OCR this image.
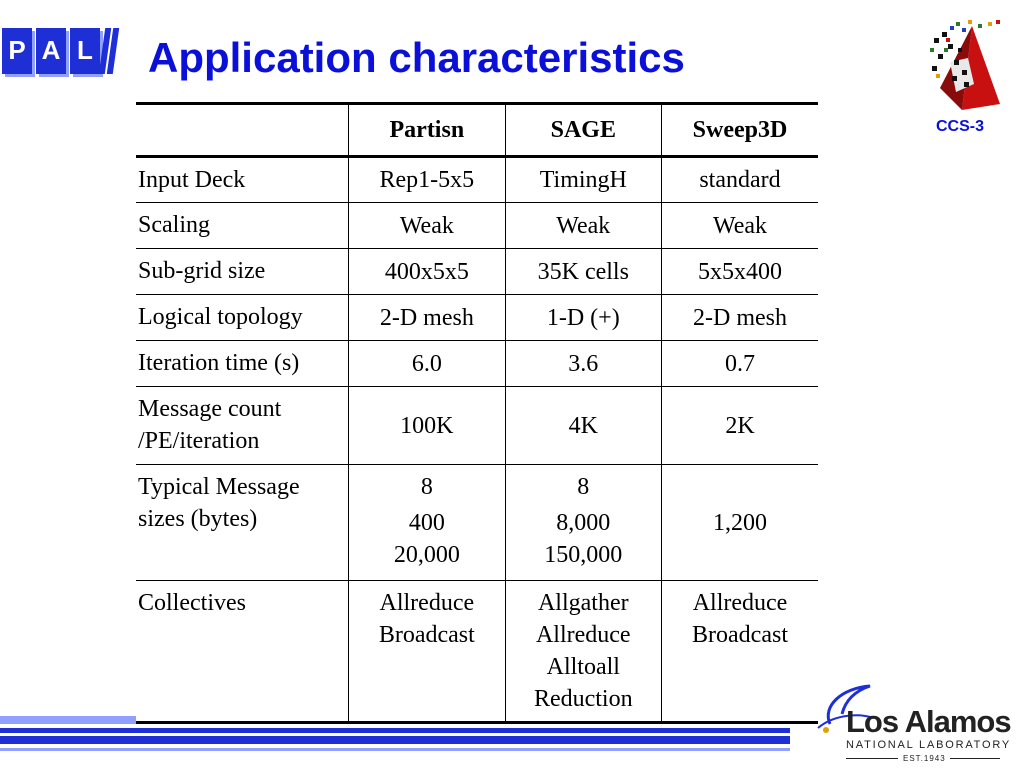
P A L Application characteristics
CCS-3
	Partisn	SAGE	Sweep3D

Input Deck	Rep1-5x5	TimingH	standard

Scaling	Weak	Weak	Weak

Sub-grid size	400x5x5	35K cells	5x5x400

Logical topology	2-D mesh	1-D (+)	2-D mesh

Iteration time (s)	6.0	3.6	0.7

Message count
/PE/iteration	100K	4K	2K

Typical Message
sizes (bytes)	8
400
20,000	8
8,000
150,000	1,200

Collectives	Allreduce
Broadcast	Allgather
Allreduce
Alltoall
Reduction	Allreduce
Broadcast
Los Alamos
NATIONAL LABORATORY
EST.1943
